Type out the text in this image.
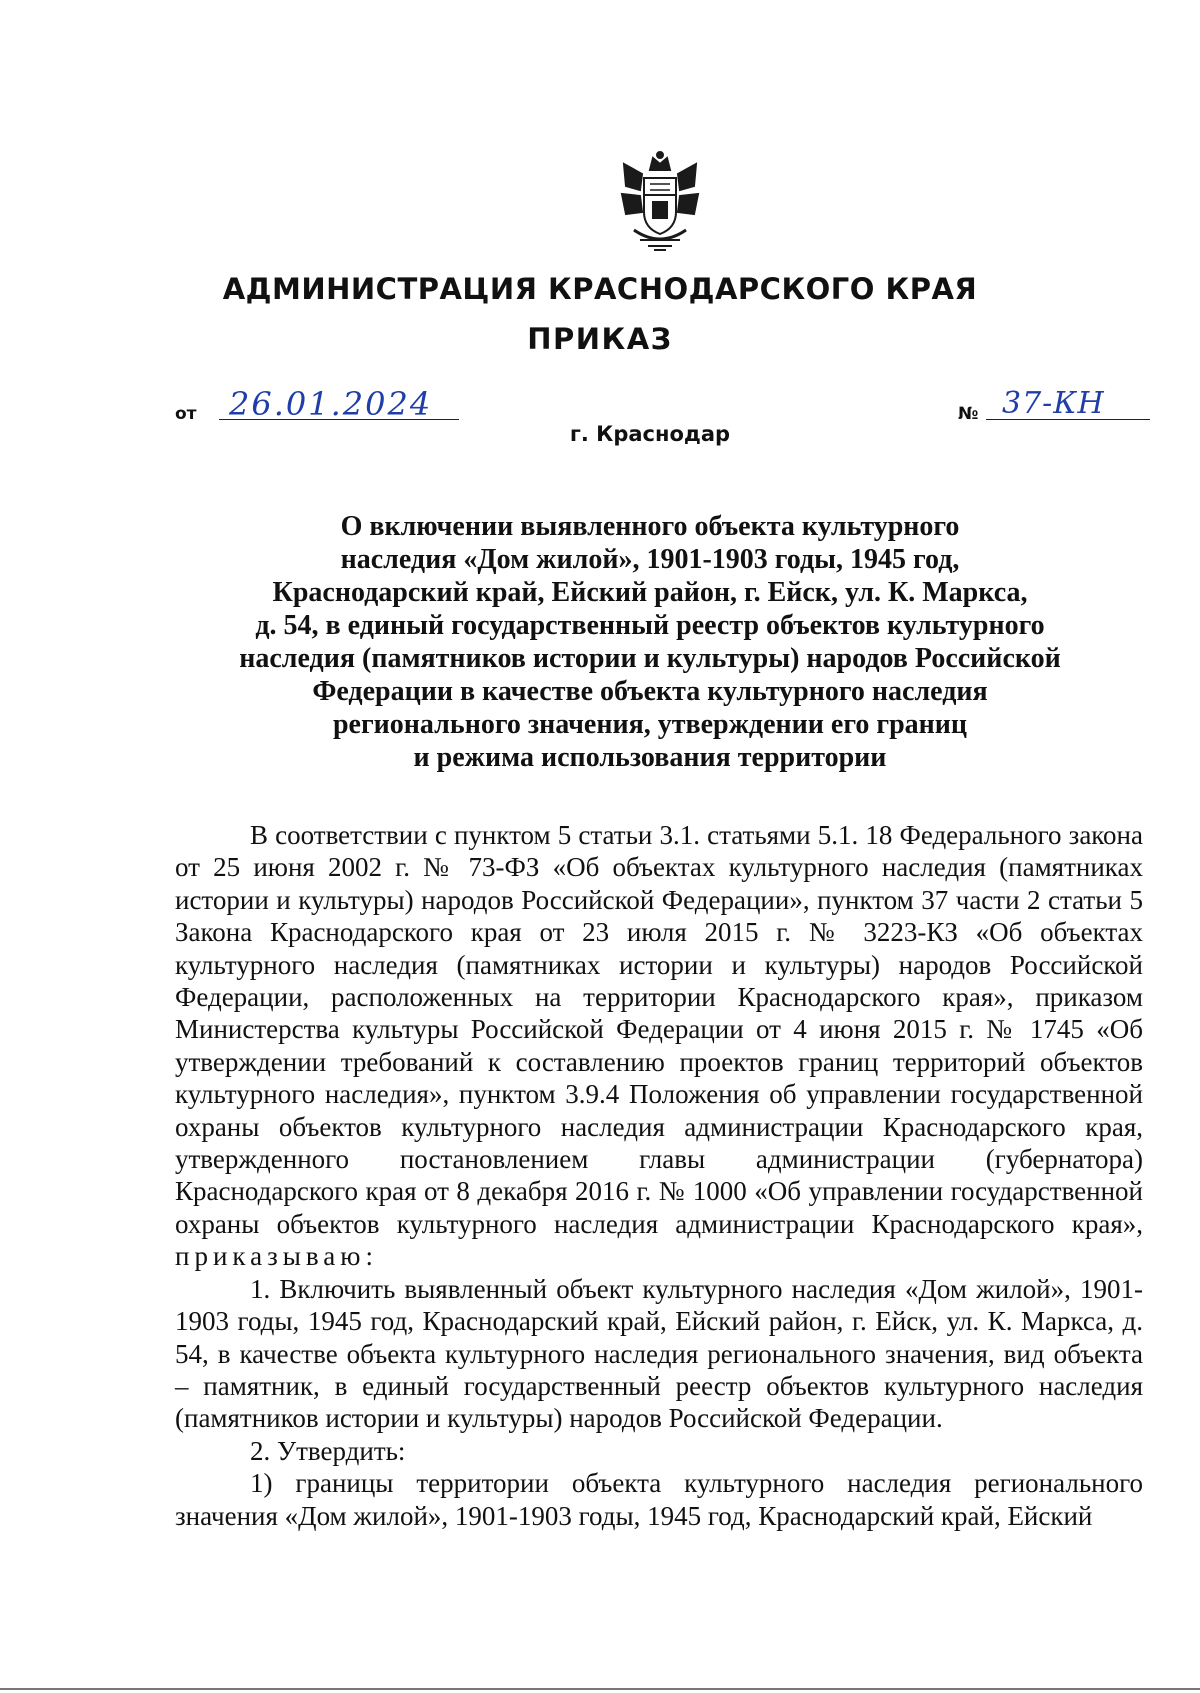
АДМИНИСТРАЦИЯ КРАСНОДАРСКОГО КРАЯ
ПРИКАЗ
от	26.01.2024	№ 37-КН
г. Краснодар
О включении выявленного объекта культурного
наследия «Дом жилой», 1901-1903 годы, 1945 год,
Краснодарский край, Ейский район, г. Ейск, ул. К. Маркса,
д. 54, в единый государственный реестр объектов культурного
наследия (памятников истории и культуры) народов Российской
Федерации в качестве объекта культурного наследия
регионального значения, утверждении его границ
и режима использования территории

В соответствии с пунктом 5 статьи 3.1. статьями 5.1. 18 Федерального закона от 25 июня 2002 г. № 73-ФЗ «Об объектах культурного наследия (памятниках истории и культуры) народов Российской Федерации», пунктом 37 части 2 статьи 5 Закона Краснодарского края от 23 июля 2015 г. № 3223-КЗ «Об объектах культурного наследия (памятниках истории и культуры) народов Российской Федерации, расположенных на территории Краснодарского края», приказом Министерства культуры Российской Федерации от 4 июня 2015 г. № 1745 «Об утверждении требований к составлению проектов границ территорий объектов культурного наследия», пунктом 3.9.4 Положения об управлении государственной охраны объектов культурного наследия администрации Краснодарского края, утвержденного постановлением главы администрации (губернатора) Краснодарского края от 8 декабря 2016 г. № 1000 «Об управлении государственной охраны объектов культурного наследия администрации Краснодарского края», приказываю:

1. Включить выявленный объект культурного наследия «Дом жилой», 1901-1903 годы, 1945 год, Краснодарский край, Ейский район, г. Ейск, ул. К. Маркса, д. 54, в качестве объекта культурного наследия регионального значения, вид объекта – памятник, в единый государственный реестр объектов культурного наследия (памятников истории и культуры) народов Российской Федерации.

2. Утвердить:

1) границы территории объекта культурного наследия регионального значения «Дом жилой», 1901-1903 годы, 1945 год, Краснодарский край, Ейский
